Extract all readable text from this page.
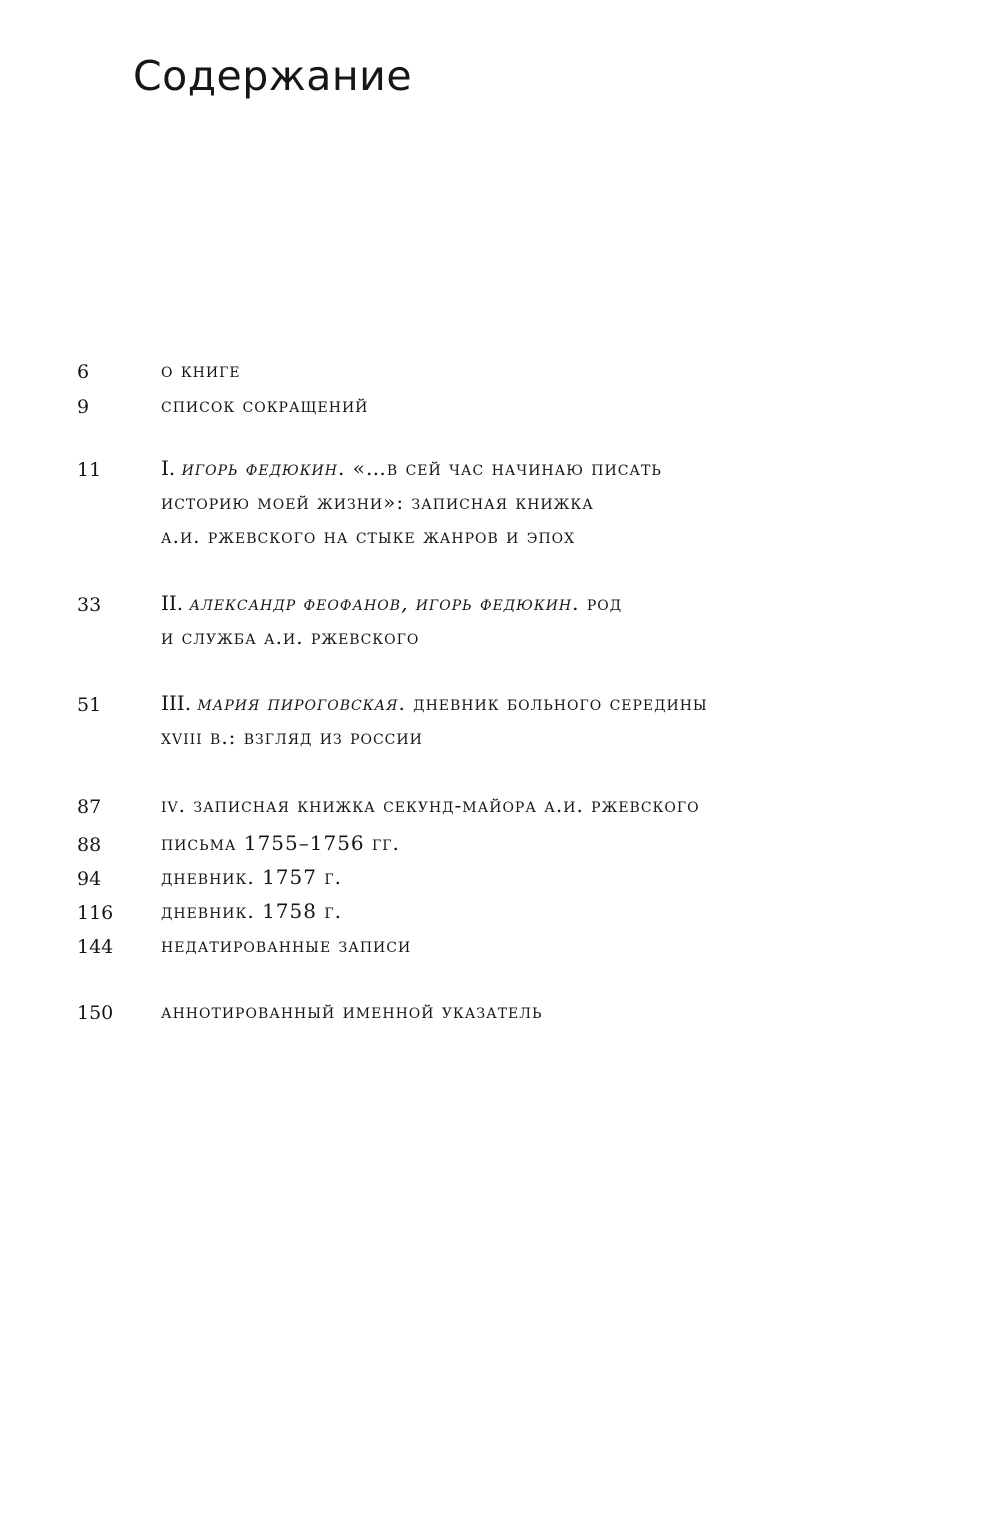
Содержание
6	о книге
9	список сокращений
11	I. игорь федюкин. «…в сей час начинаю писать
историю моей жизни»: записная книжка
а.и. ржевского на стыке жанров и эпох
33	II. александр феофанов, игорь федюкин. род
и служба а.и. ржевского
51	III. мария пироговская. дневник больного середины
xviii в.: взгляд из россии
87	iv. записная книжка секунд-майора а.и. ржевского
88	письма 1755–1756 гг.
94	дневник. 1757 г.
116 дневник. 1758 г.
144 недатированные записи
150 аннотированный именной указатель
